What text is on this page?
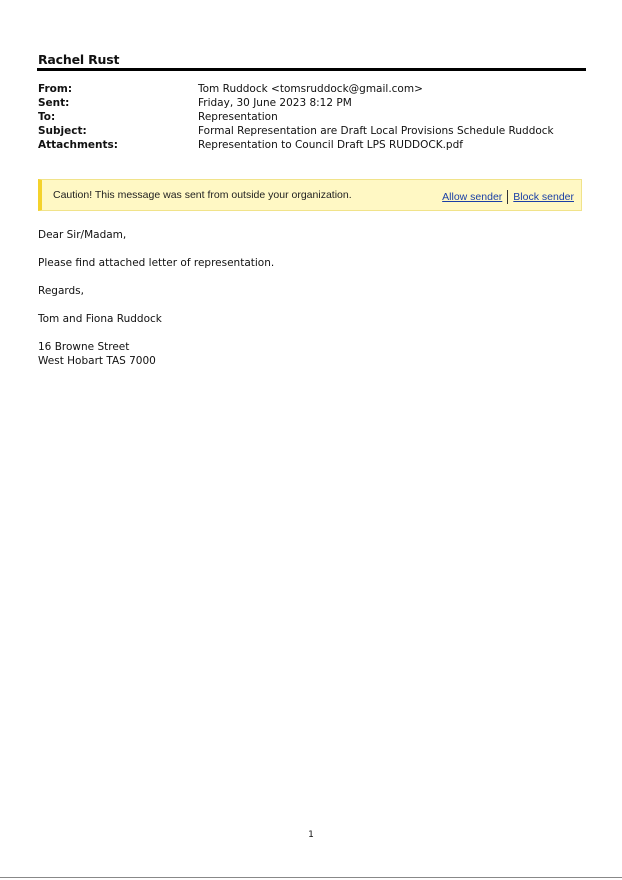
Rachel Rust
From:	Tom Ruddock <tomsruddock@gmail.com>
Sent:	Friday, 30 June 2023 8:12 PM
To:	Representation
Subject:	Formal Representation are Draft Local Provisions Schedule Ruddock
Attachments:	Representation to Council Draft LPS RUDDOCK.pdf
Caution! This message was sent from outside your organization.	Allow sender Block sender
Dear Sir/Madam,
Please find attached letter of representation.
Regards,
Tom and Fiona Ruddock
16 Browne Street
West Hobart TAS 7000
1
